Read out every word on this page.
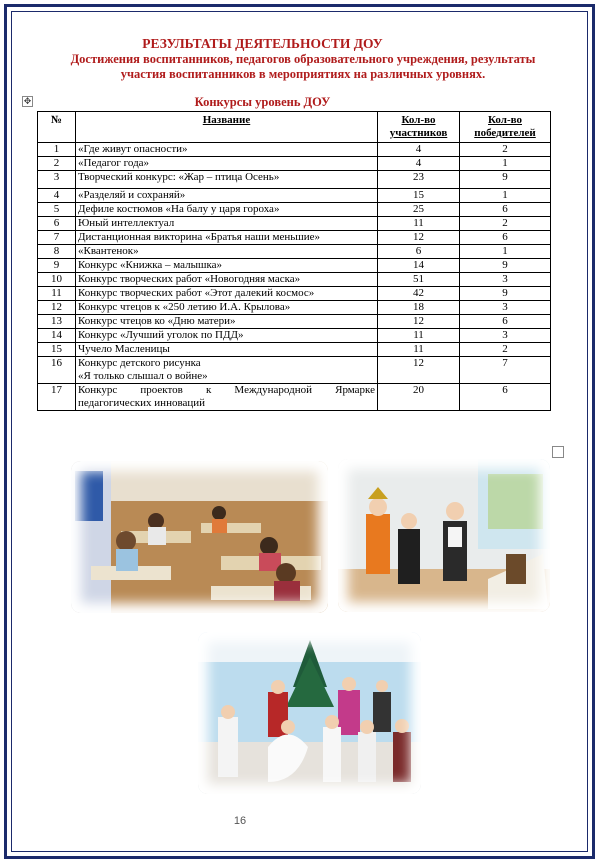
РЕЗУЛЬТАТЫ ДЕЯТЕЛЬНОСТИ ДОУ
Достижения воспитанников, педагогов образовательного учреждения, результаты
участия воспитанников в мероприятиях на различных уровнях.
✥	Конкурсы уровень ДОУ
№	Название	Кол-во участников	Кол-во победителей
1	«Где живут опасности»	4	2
2	«Педагог года»	4	1
3	Творческий конкурс: «Жар – птица Осень»	23	9
4	«Разделяй и сохраняй»	15	1
5	Дефиле костюмов «На балу у царя гороха»	25	6
6	Юный интеллектуал	11	2
7	Дистанционная викторина «Братья наши меньшие»	12	6
8	«Квантенок»	6	1
9	Конкурс «Книжка – малышка»	14	9
10	Конкурс творческих работ «Новогодняя маска»	51	3
11	Конкурс творческих работ «Этот далекий космос»	42	9
12	Конкурс чтецов к «250 летию И.А. Крылова»	18	3
13	Конкурс чтецов ко «Дню матери»	12	6
14	Конкурс «Лучший уголок по ПДД»	11	3
15	Чучело Масленицы	11	2
16	Конкурс детского рисунка
«Я только слышал о войне»	12	7
17	Конкурс проектов к Международной Ярмарке
педагогических инноваций	20	6
16
